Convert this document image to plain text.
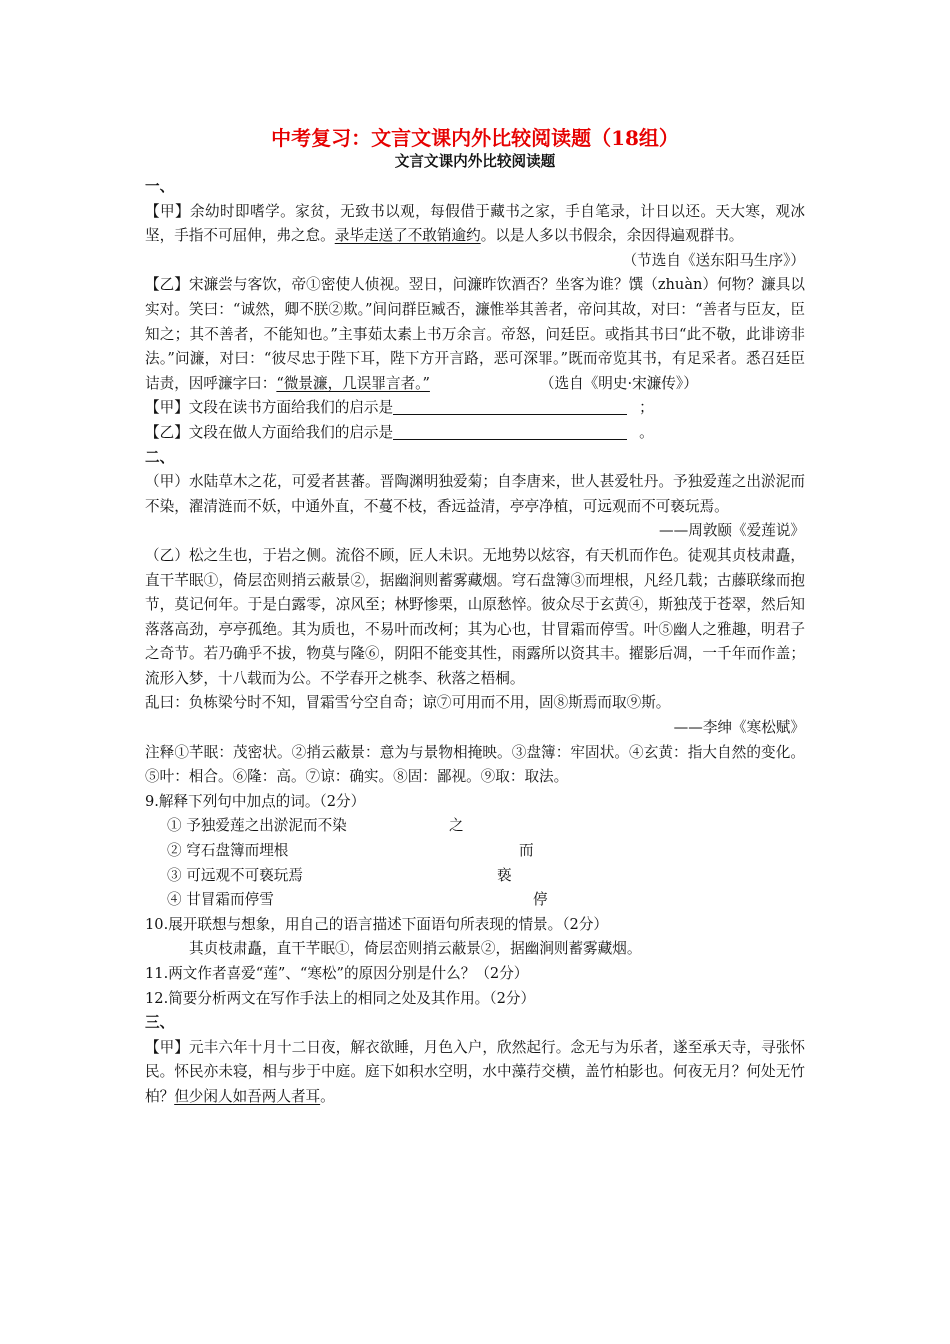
中考复习：文言文课内外比较阅读题（18组）

文言文课内外比较阅读题

一、

【甲】余幼时即嗜学。家贫，无致书以观，每假借于藏书之家，手自笔录，计日以还。天大寒，观冰坚，手指不可屈伸，弗之怠。录毕走送了不敢销逾约。以是人多以书假余，余因得遍观群书。

（节选自《送东阳马生序》）

【乙】宋濂尝与客饮，帝①密使人侦视。翌日，问濂昨饮酒否？坐客为谁？馔（zhuàn）何物？濂具以实对。笑曰：“诚然，卿不朕②欺。”间问群臣臧否，濂惟举其善者，帝问其故，对曰：“善者与臣友，臣知之；其不善者，不能知也。”主事茹太素上书万余言。帝怒，问廷臣。或指其书曰“此不敬，此诽谤非法。”问濂，对曰：“彼尽忠于陛下耳，陛下方开言路，恶可深罪。”既而帝览其书，有足采者。悉召廷臣诘责，因呼濂字曰：“微景濂，几误罪言者。”	（选自《明史·宋濂传》）

【甲】文段在读书方面给我们的启示是	；

【乙】文段在做人方面给我们的启示是	。

二、

（甲）水陆草木之花，可爱者甚蕃。晋陶渊明独爱菊；自李唐来，世人甚爱牡丹。予独爱莲之出淤泥而不染，濯清涟而不妖，中通外直，不蔓不枝，香远益清，亭亭净植，可远观而不可亵玩焉。

——周敦颐《爱莲说》

（乙）松之生也，于岩之侧。流俗不顾，匠人未识。无地势以炫容，有天机而作色。徒观其贞枝肃矗，直干芊眠①，倚层峦则捎云蔽景②，据幽涧则蓄雾藏烟。穹石盘簿③而埋根，凡经几载；古藤联缘而抱节，莫记何年。于是白露零，凉风至；林野惨栗，山原愁悴。彼众尽于玄黄④，斯独茂于苍翠，然后知落落高劲，亭亭孤绝。其为质也，不易叶而改柯；其为心也，甘冒霜而停雪。叶⑤幽人之雅趣，明君子之奇节。若乃确乎不拔，物莫与隆⑥，阴阳不能变其性，雨露所以资其丰。擢影后凋，一千年而作盖；流形入梦，十八载而为公。不学春开之桃李、秋落之梧桐。

乱曰：负栋梁兮时不知，冒霜雪兮空自奇；谅⑦可用而不用，固⑧斯焉而取⑨斯。

——李绅《寒松赋》

注释①芊眠：茂密状。②捎云蔽景：意为与景物相掩映。③盘簿：牢固状。④玄黄：指大自然的变化。⑤叶：相合。⑥隆：高。⑦谅：确实。⑧固：鄙视。⑨取：取法。

9.解释下列句中加点的词。（2分）

① 予独爱莲之出淤泥而不染	之
② 穹石盘簿而埋根	而
③ 可远观不可亵玩焉	亵
④ 甘冒霜而停雪	停

10.展开联想与想象，用自己的语言描述下面语句所表现的情景。（2分）

其贞枝肃矗，直干芊眠①，倚层峦则捎云蔽景②，据幽涧则蓄雾藏烟。

11.两文作者喜爱“莲”、“寒松”的原因分别是什么？（2分）

12.简要分析两文在写作手法上的相同之处及其作用。（2分）

三、

【甲】元丰六年十月十二日夜，解衣欲睡，月色入户，欣然起行。念无与为乐者，遂至承天寺，寻张怀民。怀民亦未寝，相与步于中庭。庭下如积水空明，水中藻荇交横，盖竹柏影也。何夜无月？何处无竹柏？但少闲人如吾两人者耳。
